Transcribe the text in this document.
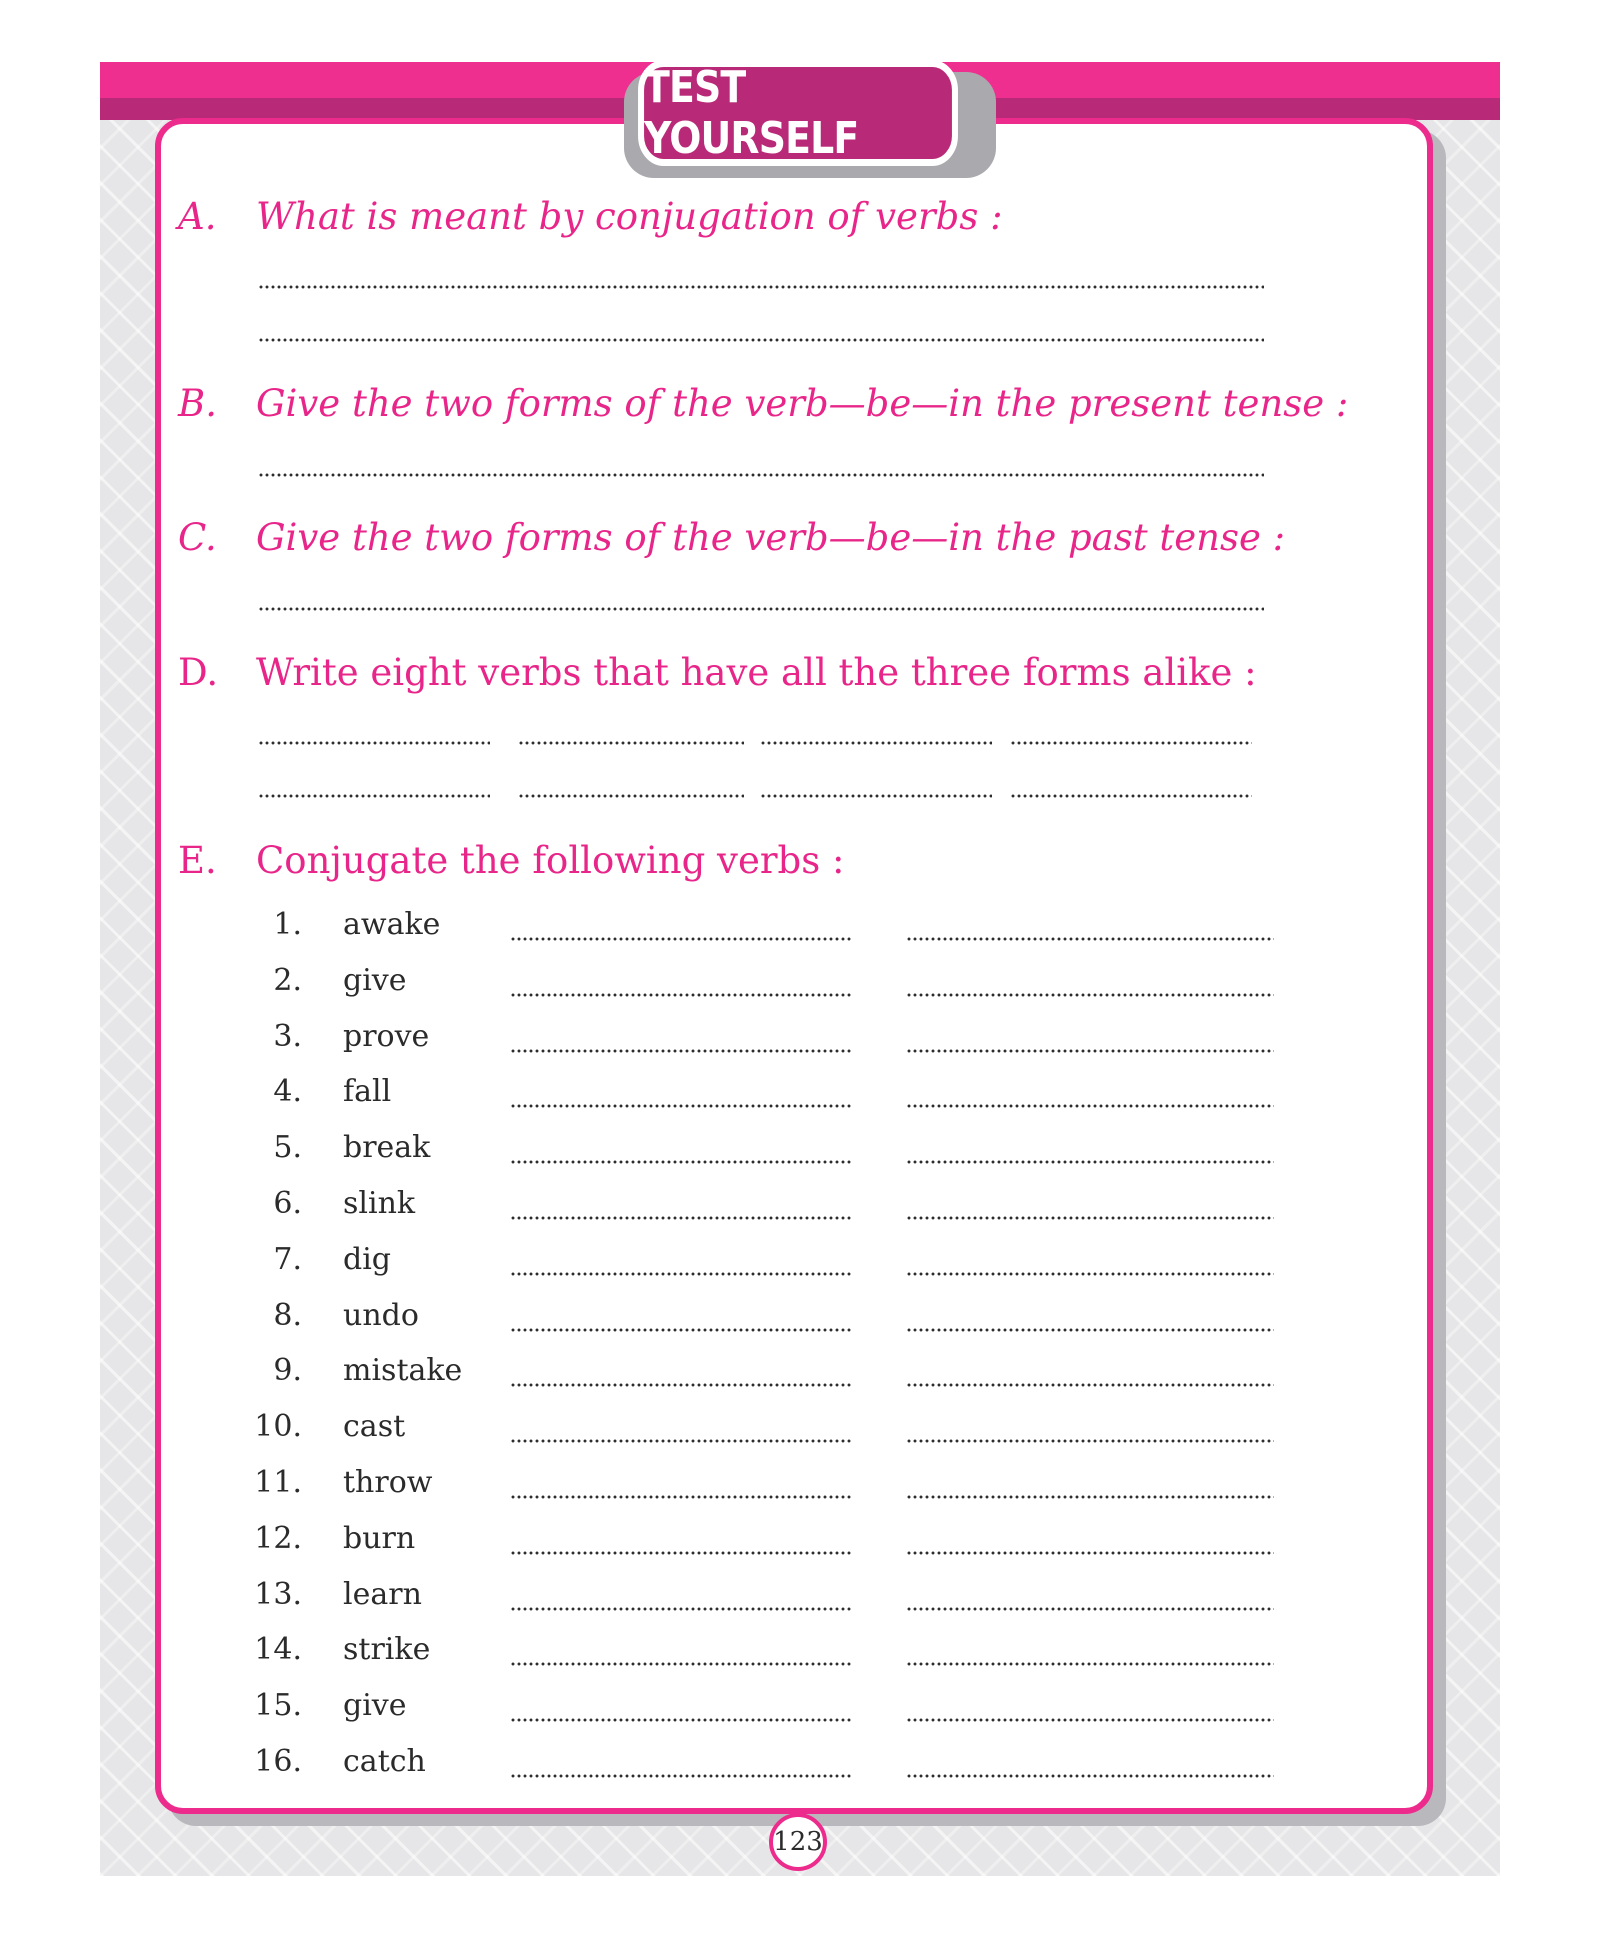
TEST YOURSELF
A. What is meant by conjugation of verbs :
B. Give the two forms of the verb—be—in the present tense :
C. Give the two forms of the verb—be—in the past tense :
D. Write eight verbs that have all the three forms alike :
E. Conjugate the following verbs :
1. awake
2. give
3. prove
4. fall
5. break
6. slink
7. dig
8. undo
9. mistake
10. cast
11. throw
12. burn
13. learn
14. strike
15. give
16. catch
123
